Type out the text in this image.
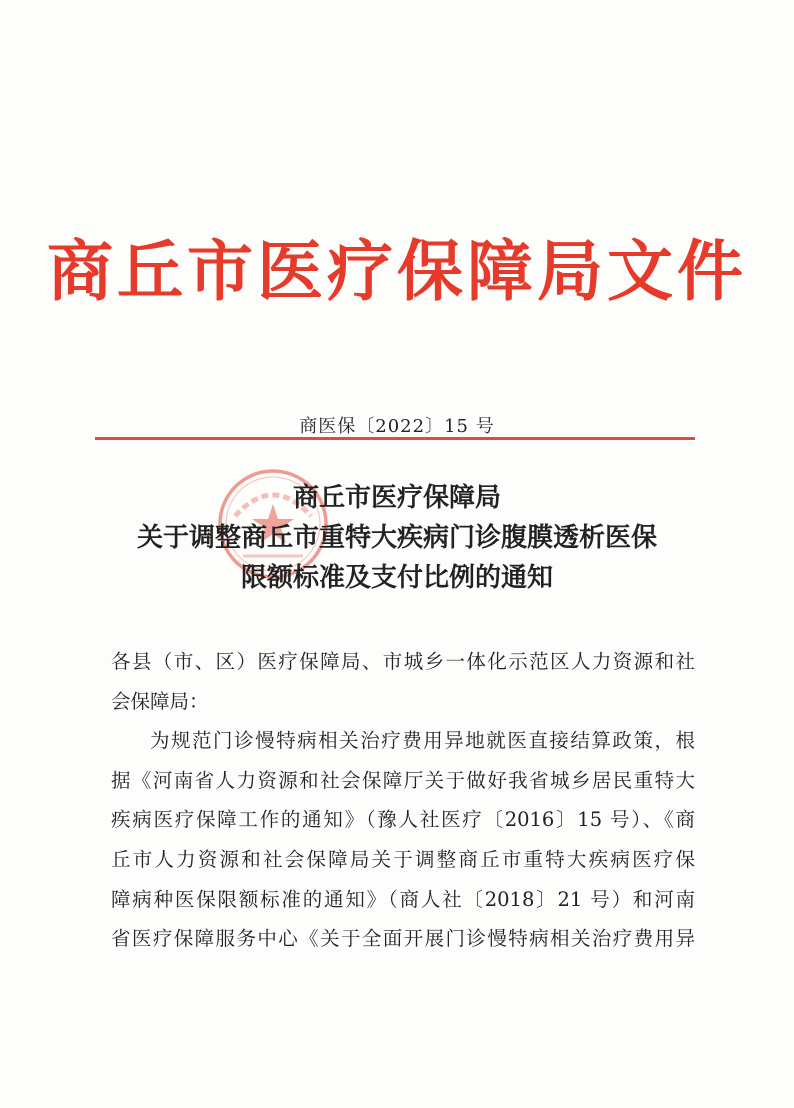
商丘市医疗保障局文件
商医保〔2022〕15 号
商丘市医疗保障局
关于调整商丘市重特大疾病门诊腹膜透析医保
限额标准及支付比例的通知
各县（市、区）医疗保障局、市城乡一体化示范区人力资源和社
会保障局：
为规范门诊慢特病相关治疗费用异地就医直接结算政策，根
据《河南省人力资源和社会保障厅关于做好我省城乡居民重特大
疾病医疗保障工作的通知》（豫人社医疗〔2016〕15 号）、《商
丘市人力资源和社会保障局关于调整商丘市重特大疾病医疗保
障病种医保限额标准的通知》（商人社〔2018〕21 号）和河南
省医疗保障服务中心《关于全面开展门诊慢特病相关治疗费用异
